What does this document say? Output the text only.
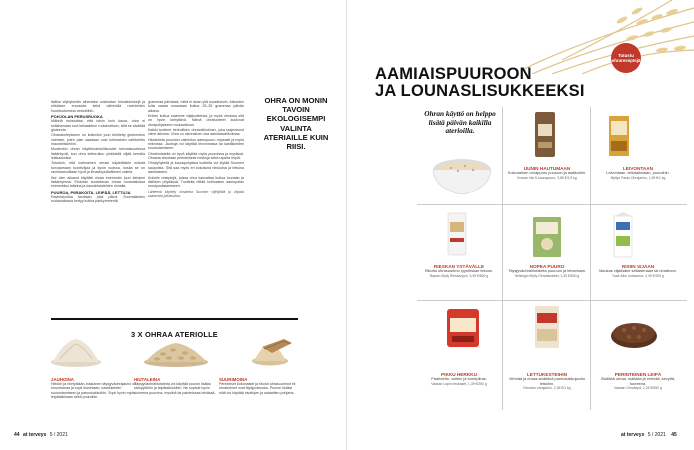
lisäksi viljelykiertto alhentaisi uusimalan tuholaisriskejä ja ehkäisee eroosiota sekä vähentää ravinteiden huuhtoutumista vesistöihin.

POHJOLAN PERUSRUOKA

Mäkelä muistuttaa, että toisin kuin kaura, ohra ei sellaisenaan sovi keliaakikon ruokavalioon, sillä se sisältää gluteenia.

Ohrarakeleykseen on kuitenkin juuri kehitetty gluteeniton valmiste, joten pian saadaan uusi kotimainen vaihtoehto maustetiskeihin.

Muutenkin ohran käyttömahdollisuudet tulevaisuudessa lisääntyvät, kun ohra ketteroituu yhdistellä viljää kerralla leikkauksiksi.

Toivoisin, että kotimainen ohrasi käytettäisiin entistä korvaamaan tuontiviljaa ja kyvin ruoissa, koska se on ravintoarvoiltaan hyvä ja ilmastoystävällinen valinta.

Ilse olen alkanut käyttää ohraa enemmän juuri tietojeni lisääntyessä. Ehdotan suosittavan ohraa ruoanlaitossa esimerkiksi tatteina ja kaurahiutaleiden rinnalla.

PUUROA, PIIRAKOITA, LEIPÄÄ, LETTUJA

Ravintokuitua tarvitaan joka päivä. Suomalaisten ruokavaliossa kertyy kuitua parikymmentä

grammaa päivässä, mikä ei aivan yllä suosituksiin. Aikuisten tulisi saada ruoastaan kuitua 25–35 grammaa päivän aikana.

Eniten kuitua saamme viljatuotteista, ja myös ohrassa sitä on hyvin kertyttävä. Nämä ohratuotteet kuuluvat ohrapohjaiseen ruokavalioon.

Kaikki tuotteet herkullisen ohravalikoiman, joka laajentunut viime aikoina. Ohra on olennainen osa aamiaisvalikoimaa.

Hiutaleista puuroksi valmistuu aamupuuro nopeasti ja myös mikrossa. Jauhoja voi käyttää leivonnassa tai kastikkeiden suurustamiseen.

Ohrahiutaleita on hyvä käyttää myös puuroissa ja myslissä. Ohrasta leivotaan perinteisesti rieskoja sekä rapeita leipiä.

Ohralyhyteitä ja kaurapohjaisia tuotteita voi löytää Suomen kaupoista. Sitä saa myös eri kokoisina rieskoina ja lettuina aamiaiseksi.

Kokeile reseptejä, joissa ohra kasvattaa kuitua lounaan ja illallisen pöydässä. Tuotteita riittää kotimaisen aamupalan monipuolistamiseen.

Lähteenä käytetty ohrainfoa Suomen viljelijöiltä ja viljasta saatavista julkaisuista.

OHRA ON MONIN TAVOIN EKOLOGISEMPI VALINTA ATERIAILLE KUIN RIISI.
3 X OHRAA ATERIOLLE
JAUHOINA
Hiedon ja mietytäkän-makuinen täysjyväohrajauho on muuntamaa ja sopii leivontaan, kastikkeiden suurustamiseen ja pannukakkuihin. Sopii hyvin myös leipätaikinaan sekä puuroihin.
HIUTALEINA
Täysjyväohrahiutaleita voi käyttää puuron lisäksi sämpylöihin ja leipätaikinoihin. Ne sopivat hyvin tuoreena puurona, myslinä tai paistetussa leivässä.
SUURIMOINA
Perinteiset kokonaiset ja rikotut ohrasuurimot eli ohrahelmet ovat täysjyväruoka. Puuron lisäksi niitä voi käyttää risottojen ja salaattien pohjana.
44 at terveys 5 / 2021
Tutustu ohrareseptejä
AAMIAISPUUROON
JA LOUNASLISUKKEEKSI
Ohran käyttö on helppo lisätä päivän kaikilla aterioilla.
UUNIN HAUTUMAAN
Kokonainen ohrapuuro puuroon ja laatikoihin.
Kravan riisi & kaurapuuro, 3,85 €/1,5 kg
LEIVONTAAN
Leivontaan, lettutaikinaan, puuroihin.
Myllyn Paras Ohrajauho, 1,59 €/1 kg
RIESKAN YSTÄVÄLLE
Rikottu ohrasuurimo ryyniriskan tekoon.
Rapion Mylly Rieskaryyni, 3,49 €/800 g
NOPEA PUURO
Täysjyväohrahiutaleita puuroon ja leivontaan.
Helsingin Mylly Ohrahiutaleet, 1,39 €/500 g
RISIIN SIJAAN
Maukas viljalisäke sellaisenaan tai ohrattoon.
Yoair Alku ruokaohra, 2,49 €/300 g
PIKKU HERKKU
Paahdettu, voitelu ja tuorepiiras.
Vaasan Lapin rieskaset, 1,39 €/260 g
LETTUKESTEIHIN
Vehnää ja ohraa sisältävä pannukakkujauho lettuihin.
Kinnarin ohrajauho, 2,35 €/1 kg
PERINTEINEN LEIPÄ
Sisältää ohraa, maltaita ja vehnää, kevyttä, tuoreena.
Vaasan Ohraleipä, 2,25 €/550 g
at terveys 5 / 2021 45
